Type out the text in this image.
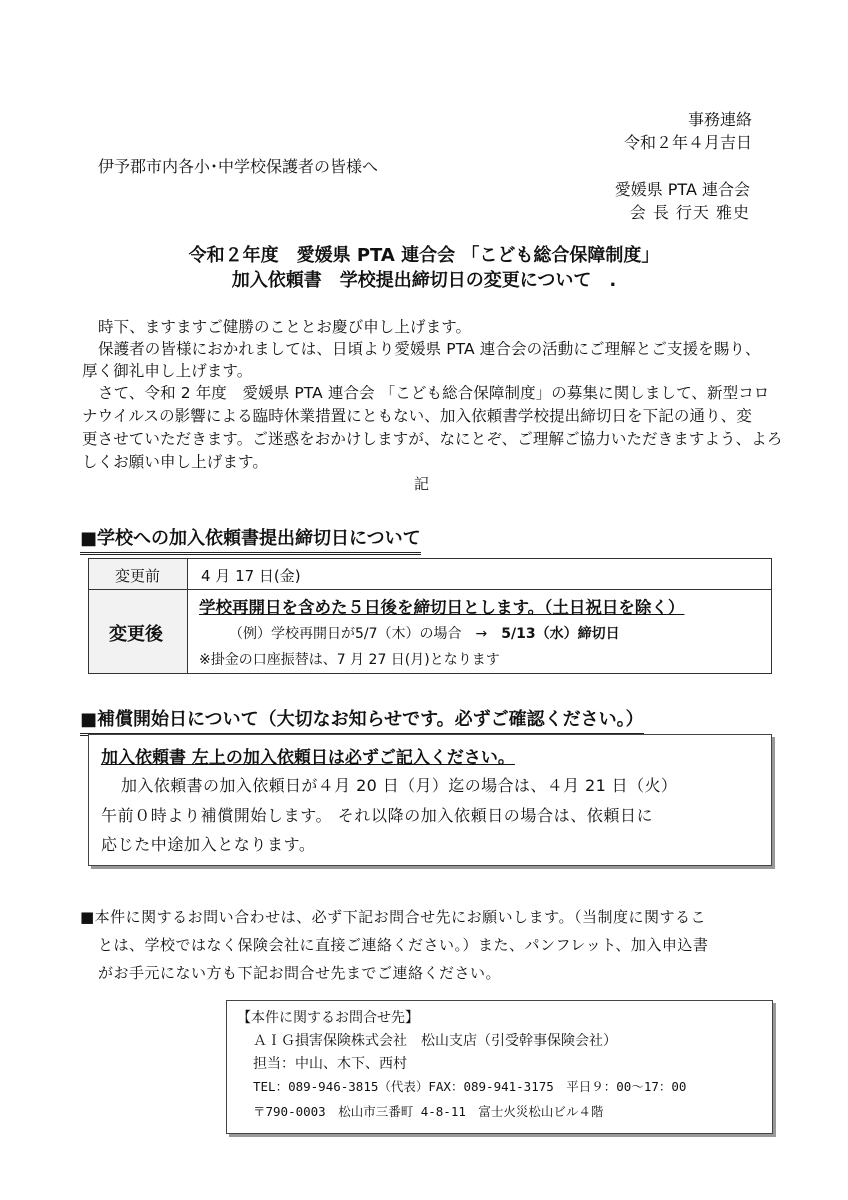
事務連絡
令和２年４月吉日
伊予郡市内各小･中学校保護者の皆様へ
愛媛県 PTA 連合会
会 長 行天 雅史
令和２年度　愛媛県 PTA 連合会 「こども総合保障制度」
加入依頼書　学校提出締切日の変更について　.
時下、ますますご健勝のこととお慶び申し上げます。
保護者の皆様におかれましては、日頃より愛媛県 PTA 連合会の活動にご理解とご支援を賜り、
厚く御礼申し上げます。
さて、令和 2 年度　愛媛県 PTA 連合会 「こども総合保障制度」の募集に関しまして、新型コロ
ナウイルスの影響による臨時休業措置にともない、加入依頼書学校提出締切日を下記の通り、変
更させていただきます。ご迷惑をおかけしますが、なにとぞ、ご理解ご協力いただきますよう、よろ
しくお願い申し上げます。
記
■学校への加入依頼書提出締切日について
変更前	4 月 17 日(金)
変更後
学校再開日を含めた５日後を締切日とします。（土日祝日を除く）
（例）学校再開日が5/7（木）の場合　→　5/13（水）締切日
※掛金の口座振替は、7 月 27 日(月)となります
■補償開始日について（大切なお知らせです。必ずご確認ください。）
加入依頼書 左上の加入依頼日は必ずご記入ください。
加入依頼書の加入依頼日が４月 20 日（月）迄の場合は、４月 21 日（火）
午前０時より補償開始します。 それ以降の加入依頼日の場合は、依頼日に
応じた中途加入となります。
■本件に関するお問い合わせは、必ず下記お問合せ先にお願いします。（当制度に関するこ
とは、学校ではなく保険会社に直接ご連絡ください。）また、パンフレット、加入申込書
がお手元にない方も下記お問合せ先までご連絡ください。
【本件に関するお問合せ先】
ＡＩＧ損害保険株式会社　松山支店（引受幹事保険会社）
担当：中山、木下、西村
TEL：089-946-3815（代表）FAX：089-941-3175　平日９：00～17：00
〒790-0003　松山市三番町 4-8-11　富士火災松山ビル４階
